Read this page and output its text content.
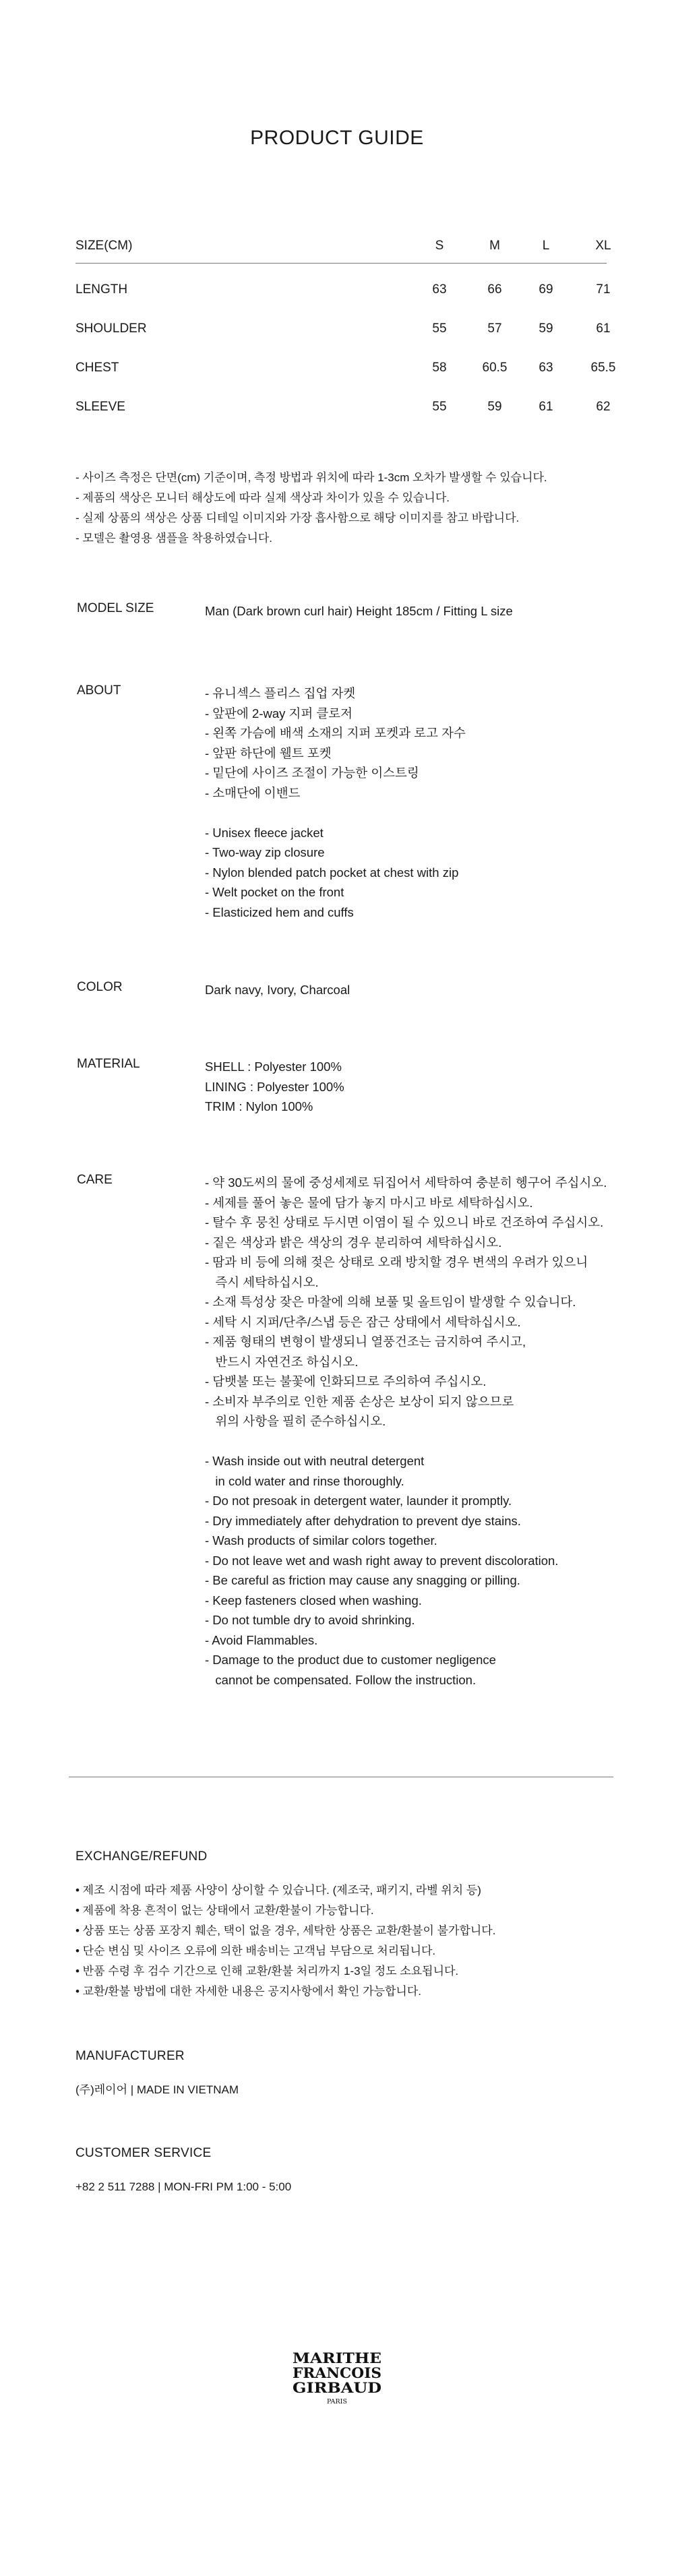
PRODUCT GUIDE
SIZE(CM)	S	M	L	XL
LENGTH	63	66	69	71
SHOULDER	55	57	59	61
CHEST	58	60.5	63	65.5
SLEEVE	55	59	61	62
- 사이즈 측정은 단면(cm) 기준이며, 측정 방법과 위치에 따라 1-3cm 오차가 발생할 수 있습니다.
- 제품의 색상은 모니터 해상도에 따라 실제 색상과 차이가 있을 수 있습니다.
- 실제 상품의 색상은 상품 디테일 이미지와 가장 흡사함으로 해당 이미지를 참고 바랍니다.
- 모델은 촬영용 샘플을 착용하였습니다.
MODEL SIZE	Man (Dark brown curl hair) Height 185cm / Fitting L size
ABOUT	- 유니섹스 플리스 집업 자켓
- 앞판에 2-way 지퍼 클로저
- 왼쪽 가슴에 배색 소재의 지퍼 포켓과 로고 자수
- 앞판 하단에 웰트 포켓
- 밑단에 사이즈 조절이 가능한 이스트링
- 소매단에 이밴드
- Unisex fleece jacket
- Two-way zip closure
- Nylon blended patch pocket at chest with zip
- Welt pocket on the front
- Elasticized hem and cuffs
COLOR	Dark navy, Ivory, Charcoal
MATERIAL	SHELL : Polyester 100%
LINING : Polyester 100%
TRIM : Nylon 100%
CARE	- 약 30도씨의 물에 중성세제로 뒤집어서 세탁하여 충분히 헹구어 주십시오.
- 세제를 풀어 놓은 물에 담가 놓지 마시고 바로 세탁하십시오.
- 탈수 후 뭉친 상태로 두시면 이염이 될 수 있으니 바로 건조하여 주십시오.
- 짙은 색상과 밝은 색상의 경우 분리하여 세탁하십시오.
- 땀과 비 등에 의해 젖은 상태로 오래 방치할 경우 변색의 우려가 있으니
즉시 세탁하십시오.
- 소재 특성상 잦은 마찰에 의해 보풀 및 올트임이 발생할 수 있습니다.
- 세탁 시 지퍼/단추/스냅 등은 잠근 상태에서 세탁하십시오.
- 제품 형태의 변형이 발생되니 열풍건조는 금지하여 주시고,
반드시 자연건조 하십시오.
- 담뱃불 또는 불꽃에 인화되므로 주의하여 주십시오.
- 소비자 부주의로 인한 제품 손상은 보상이 되지 않으므로
위의 사항을 필히 준수하십시오.
- Wash inside out with neutral detergent
in cold water and rinse thoroughly.
- Do not presoak in detergent water, launder it promptly.
- Dry immediately after dehydration to prevent dye stains.
- Wash products of similar colors together.
- Do not leave wet and wash right away to prevent discoloration.
- Be careful as friction may cause any snagging or pilling.
- Keep fasteners closed when washing.
- Do not tumble dry to avoid shrinking.
- Avoid Flammables.
- Damage to the product due to customer negligence
cannot be compensated. Follow the instruction.
EXCHANGE/REFUND
• 제조 시점에 따라 제품 사양이 상이할 수 있습니다. (제조국, 패키지, 라벨 위치 등)
• 제품에 착용 흔적이 없는 상태에서 교환/환불이 가능합니다.
• 상품 또는 상품 포장지 훼손, 택이 없을 경우, 세탁한 상품은 교환/환불이 불가합니다.
• 단순 변심 및 사이즈 오류에 의한 배송비는 고객님 부담으로 처리됩니다.
• 반품 수령 후 검수 기간으로 인해 교환/환불 처리까지 1-3일 정도 소요됩니다.
• 교환/환불 방법에 대한 자세한 내용은 공지사항에서 확인 가능합니다.
MANUFACTURER
(주)레이어 | MADE IN VIETNAM
CUSTOMER SERVICE
+82 2 511 7288 | MON-FRI PM 1:00 - 5:00
MARITHE
FRANCOIS
GIRBAUD
PARIS
